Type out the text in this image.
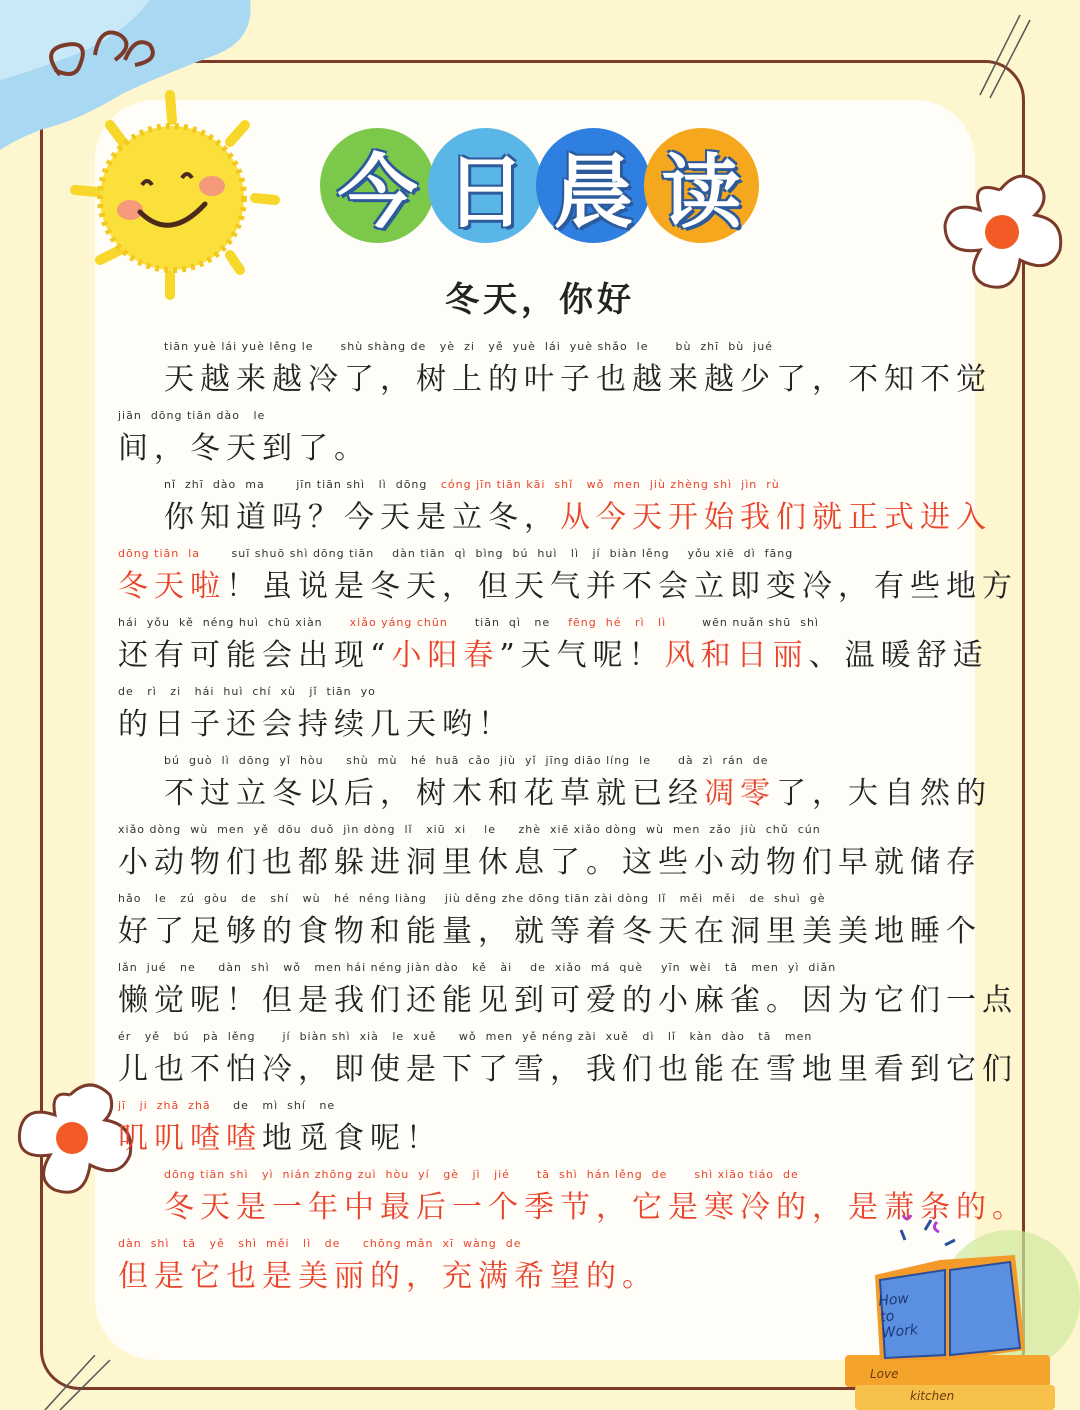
How
to
Work
Love
kitchen
今 日 晨 读
冬天，你好
tiān yuè lái yuè lěng le      shù shàng de   yè  zi   yě  yuè  lái  yuè shǎo  le      bù  zhī  bù  jué
天越来越冷了，树上的叶子也越来越少了，不知不觉
jiān  dōng tiān dào   le
间，冬天到了。
nǐ  zhī  dào  ma       jīn tiān shì   lì  dōng cóng jīn tiān kāi  shǐ   wǒ  men  jiù zhèng shì  jìn  rù
你知道吗？今天是立冬，从今天开始我们就正式进入
dōng tiān  la	suī shuō shì dōng tiān    dàn tiān  qì  bìng  bú  huì   lì   jí  biàn lěng    yǒu xiē  dì  fāng
冬天啦！虽说是冬天，但天气并不会立即变冷，有些地方
hái  yǒu  kě  néng huì  chū xiàn xiǎo yáng chūn tiān  qì   ne fēng  hé   rì   lì	wēn nuǎn shū  shì
还有可能会出现“小阳春”天气呢！风和日丽、温暖舒适
de   rì   zi   hái  huì  chí  xù   jǐ  tiān  yo
的日子还会持续几天哟！
bú  guò  lì  dōng  yǐ  hòu     shù  mù   hé  huā  cǎo  jiù  yǐ  jīng diāo líng  le      dà  zì  rán  de
不过立冬以后，树木和花草就已经凋零了，大自然的
xiǎo dòng  wù  men  yě  dōu  duǒ  jìn dòng  lǐ   xiū  xi    le     zhè  xiē xiǎo dòng  wù  men  zǎo  jiù  chǔ  cún
小动物们也都躲进洞里休息了。这些小动物们早就储存
hǎo   le   zú  gòu   de   shí   wù   hé  néng liàng    jiù děng zhe dōng tiān zài dòng  lǐ   měi  měi   de  shuì  gè
好了足够的食物和能量，就等着冬天在洞里美美地睡个
lǎn  jué   ne     dàn  shì   wǒ   men hái néng jiàn dào   kě   ài    de  xiǎo  má  què    yīn  wèi   tā   men  yì  diǎn
懒觉呢！但是我们还能见到可爱的小麻雀。因为它们一点
ér   yě   bú   pà  lěng      jí  biàn shì  xià   le  xuě     wǒ  men  yě néng zài  xuě   dì   lǐ   kàn  dào   tā   men
儿也不怕冷，即使是下了雪，我们也能在雪地里看到它们
jī   ji  zhā  zhā de   mì  shí   ne
叽叽喳喳地觅食呢！
dōng tiān shì   yì  nián zhōng zuì  hòu  yí   gè   jì   jié      tā  shì  hán lěng  de      shì xiāo tiáo  de
冬天是一年中最后一个季节，它是寒冷的，是萧条的。
dàn  shì   tā   yě   shì  měi   lì   de     chōng mǎn  xī  wàng  de
但是它也是美丽的，充满希望的。
